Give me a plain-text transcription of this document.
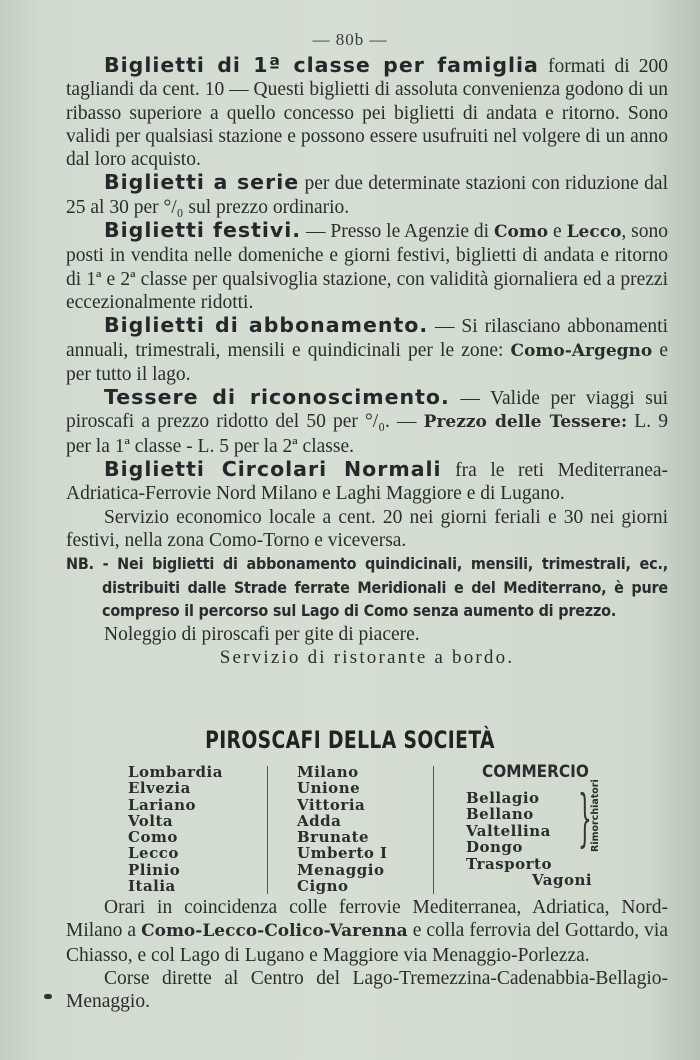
— 80b —

Biglietti di 1ª classe per famiglia formati di 200 tagliandi da cent. 10 — Questi biglietti di assoluta convenienza godono di un ribasso superiore a quello concesso pei biglietti di andata e ritorno. Sono validi per qualsiasi stazione e possono essere usufruiti nel volgere di un anno dal loro acquisto.

Biglietti a serie per due determinate stazioni con riduzione dal 25 al 30 per °/₀ sul prezzo ordinario.

Biglietti festivi. — Presso le Agenzie di Como e Lecco, sono posti in vendita nelle domeniche e giorni festivi, biglietti di andata e ritorno di 1ª e 2ª classe per qualsivoglia stazione, con validità giornaliera ed a prezzi eccezionalmente ridotti.

Biglietti di abbonamento. — Si rilasciano abbonamenti annuali, trimestrali, mensili e quindicinali per le zone: Como-Argegno e per tutto il lago.

Tessere di riconoscimento. — Valide per viaggi sui piroscafi a prezzo ridotto del 50 per °/₀. — Prezzo delle Tessere: L. 9 per la 1ª classe - L. 5 per la 2ª classe.

Biglietti Circolari Normali fra le reti Mediterranea-Adriatica-Ferrovie Nord Milano e Laghi Maggiore e di Lugano.

Servizio economico locale a cent. 20 nei giorni feriali e 30 nei giorni festivi, nella zona Como-Torno e viceversa.

NB. - Nei biglietti di abbonamento quindicinali, mensili, trimestrali, ec., distribuiti dalle Strade ferrate Meridionali e del Mediterrano, è pure compreso il percorso sul Lago di Como senza aumento di prezzo.

Noleggio di piroscafi per gite di piacere.

Servizio di ristorante a bordo.

PIROSCAFI DELLA SOCIETÀ
Lombardia
Elvezia
Lariano
Volta
Como
Lecco
Plinio
Italia
Milano
Unione
Vittoria
Adda
Brunate
Umberto I
Menaggio
Cigno
COMMERCIO
Bellagio
Bellano
Valtellina
Dongo }
Rimorchiatori
Trasporto
Vagoni

Orari in coincidenza colle ferrovie Mediterranea, Adriatica, Nord-Milano a Como-Lecco-Colico-Varenna e colla ferrovia del Gottardo, via Chiasso, e col Lago di Lugano e Maggiore via Menaggio-Porlezza.

Corse dirette al Centro del Lago-Tremezzina-Cadenabbia-Bellagio-Menaggio.
